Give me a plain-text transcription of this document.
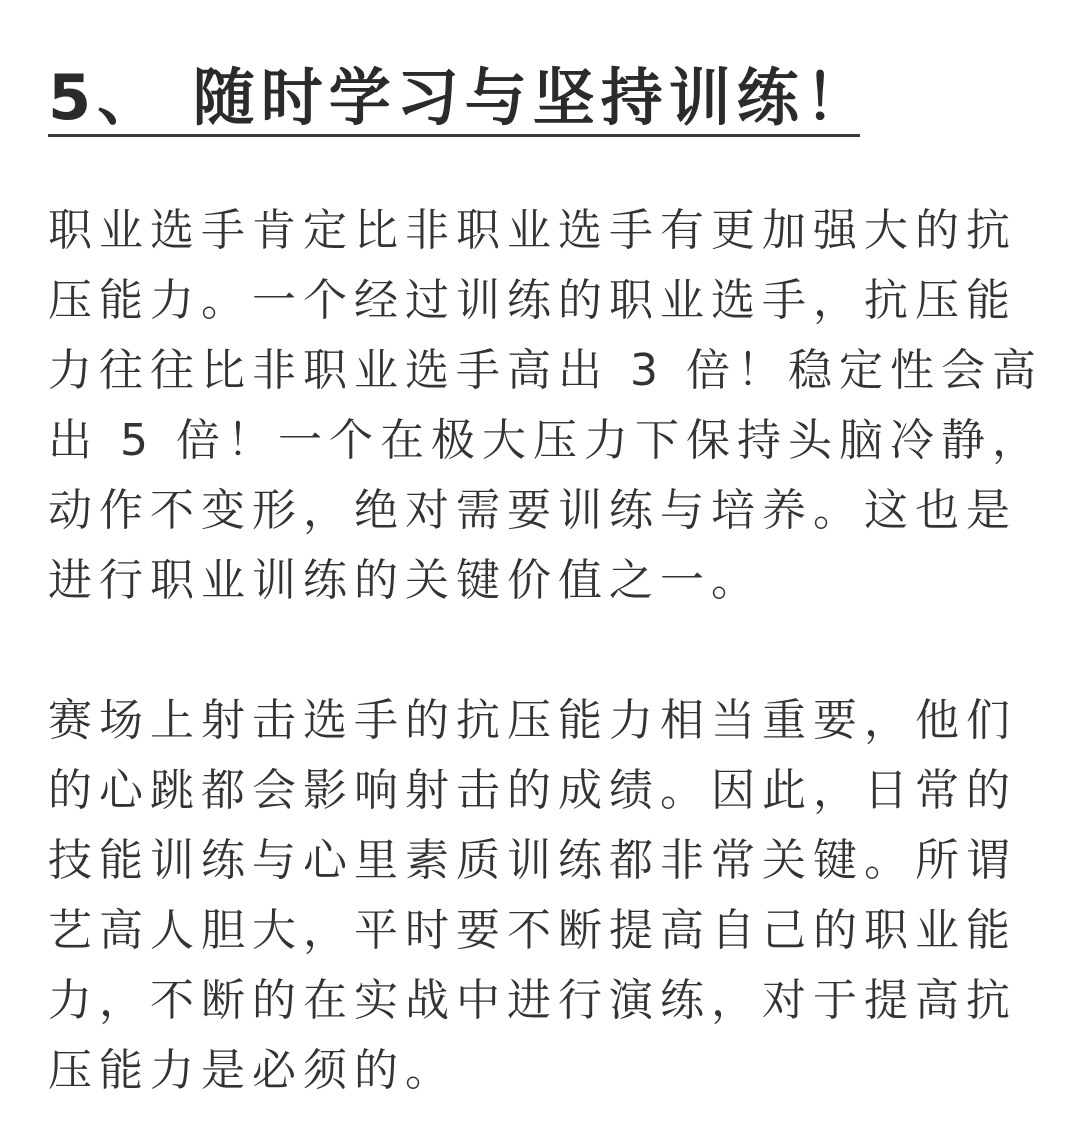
5、 随时学习与坚持训练！

职业选手肯定比非职业选手有更加强大的抗压能力。一个经过训练的职业选手，抗压能力往往比非职业选手高出 3 倍！稳定性会高出 5 倍！一个在极大压力下保持头脑冷静，动作不变形，绝对需要训练与培养。这也是进行职业训练的关键价值之一。

赛场上射击选手的抗压能力相当重要，他们的心跳都会影响射击的成绩。因此，日常的技能训练与心里素质训练都非常关键。所谓艺高人胆大，平时要不断提高自己的职业能力，不断的在实战中进行演练，对于提高抗压能力是必须的。
